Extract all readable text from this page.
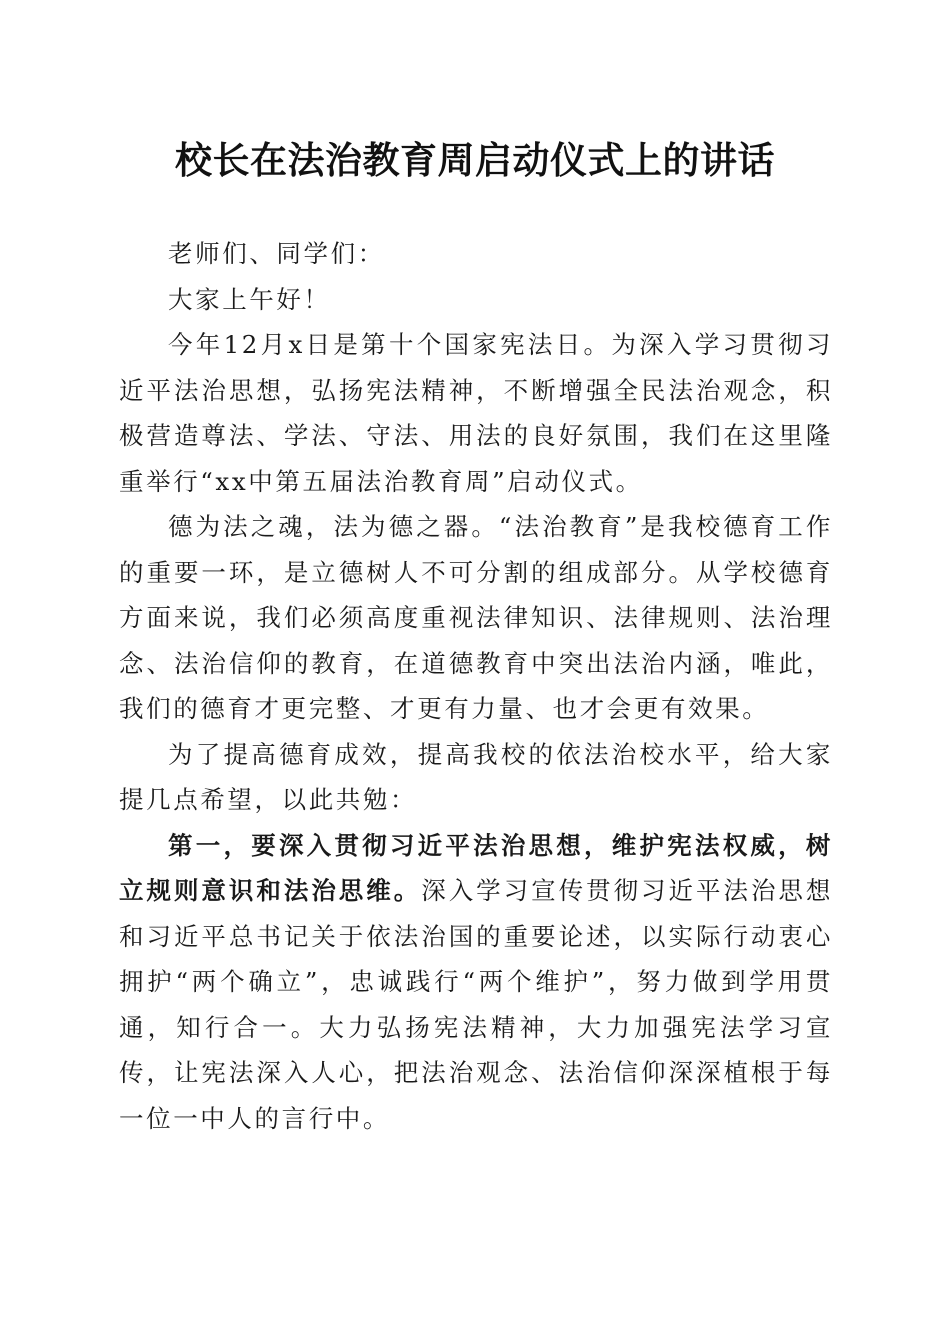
校长在法治教育周启动仪式上的讲话

老师们、同学们：

大家上午好！

今年12月x日是第十个国家宪法日。为深入学习贯彻习近平法治思想，弘扬宪法精神，不断增强全民法治观念，积极营造尊法、学法、守法、用法的良好氛围，我们在这里隆重举行“xx中第五届法治教育周”启动仪式。

德为法之魂，法为德之器。“法治教育”是我校德育工作的重要一环，是立德树人不可分割的组成部分。从学校德育方面来说，我们必须高度重视法律知识、法律规则、法治理念、法治信仰的教育，在道德教育中突出法治内涵，唯此，我们的德育才更完整、才更有力量、也才会更有效果。

为了提高德育成效，提高我校的依法治校水平，给大家提几点希望，以此共勉：

第一，要深入贯彻习近平法治思想，维护宪法权威，树立规则意识和法治思维。深入学习宣传贯彻习近平法治思想和习近平总书记关于依法治国的重要论述，以实际行动衷心拥护“两个确立”，忠诚践行“两个维护”，努力做到学用贯通，知行合一。大力弘扬宪法精神，大力加强宪法学习宣传，让宪法深入人心，把法治观念、法治信仰深深植根于每一位一中人的言行中。
